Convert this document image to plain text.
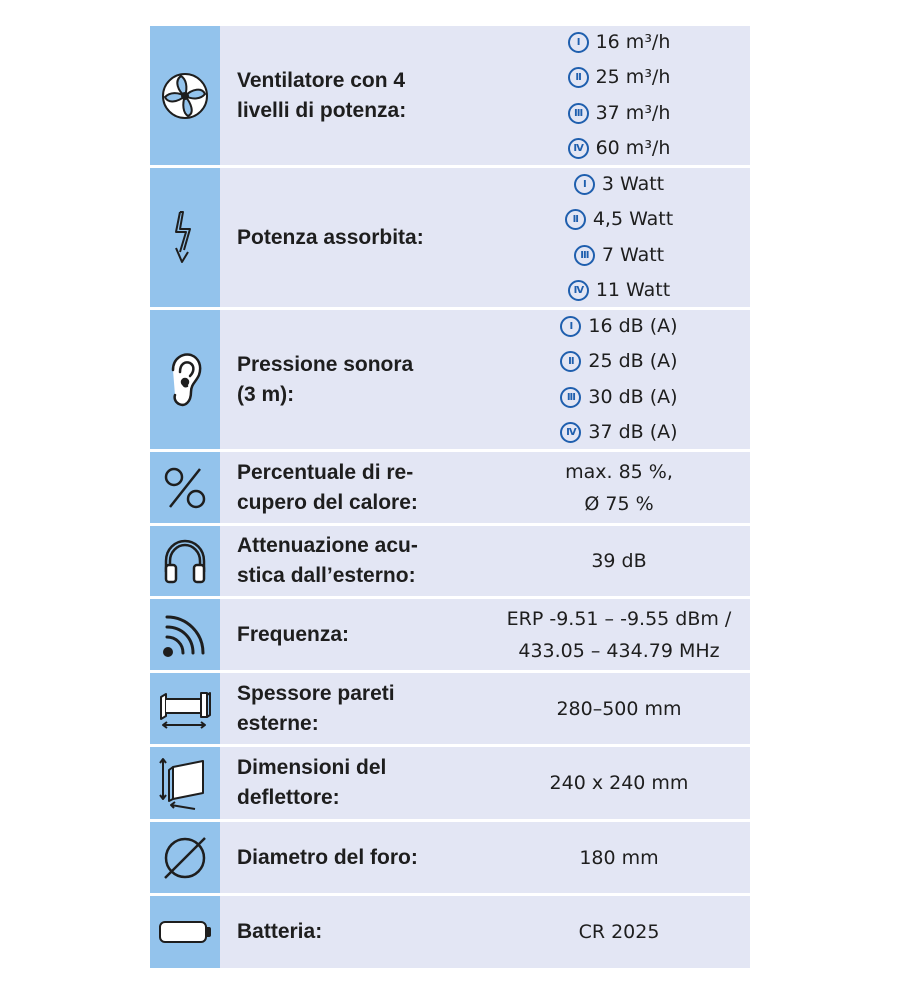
Ventilatore con 4
livelli di potenza:
I 16 m³/h
II 25 m³/h
III 37 m³/h
IV 60 m³/h
Potenza assorbita:
I 3 Watt
II 4,5 Watt
III 7 Watt
IV 11 Watt
Pressione sonora
(3 m):
I 16 dB (A)
II 25 dB (A)
III 30 dB (A)
IV 37 dB (A)
Percentuale di re-
cupero del calore:
max. 85 %,
Ø 75 %
Attenuazione acu-
stica dall’esterno:
39 dB
Frequenza:
ERP -9.51 – -9.55 dBm /
433.05 – 434.79 MHz
Spessore pareti
esterne:
280–500 mm
Dimensioni del
deflettore:
240 x 240 mm
Diametro del foro:	180 mm
Batteria:	CR 2025
